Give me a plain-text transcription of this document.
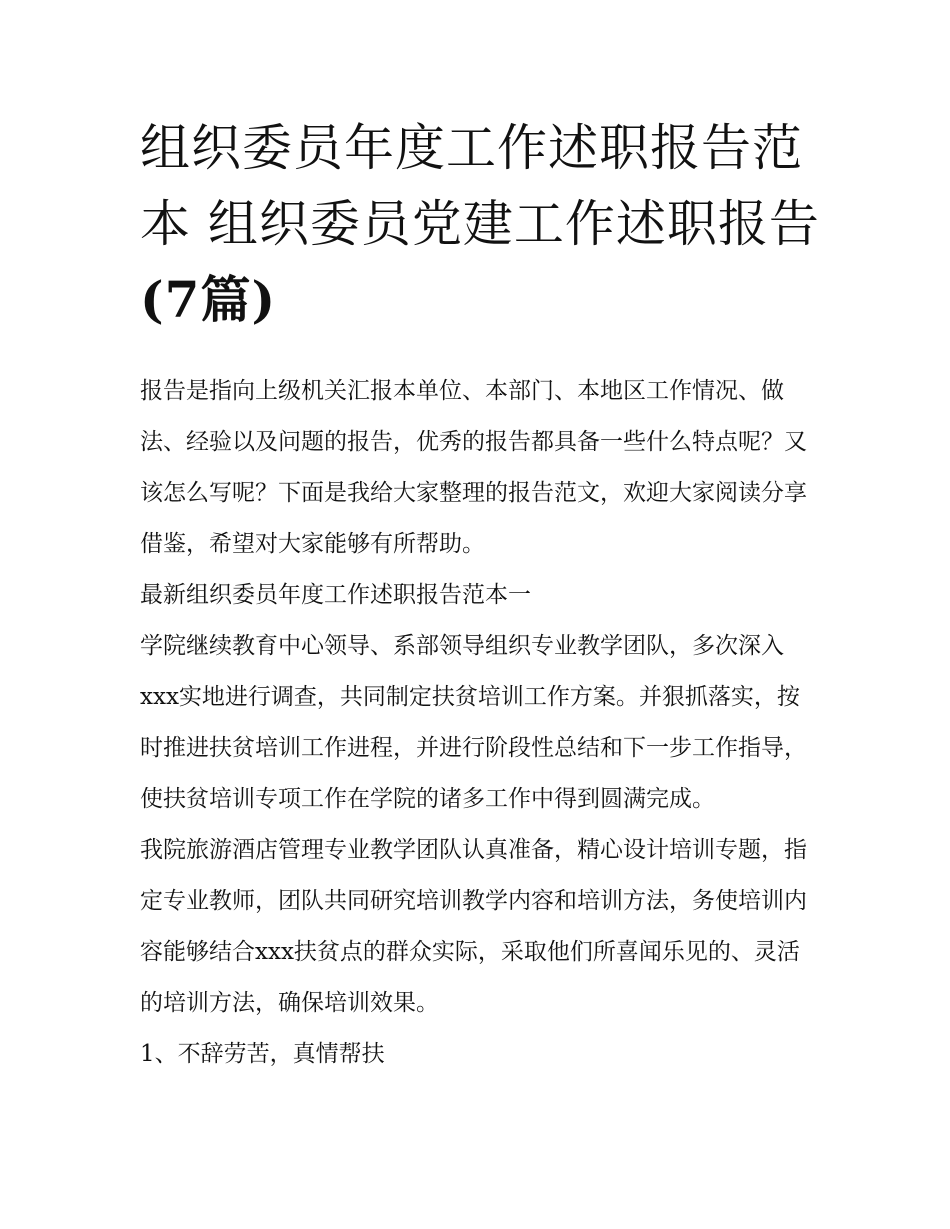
组织委员年度工作述职报告范
本 组织委员党建工作述职报告
(7篇)

报告是指向上级机关汇报本单位、本部门、本地区工作情况、做法、经验以及问题的报告，优秀的报告都具备一些什么特点呢？又该怎么写呢？下面是我给大家整理的报告范文，欢迎大家阅读分享借鉴，希望对大家能够有所帮助。

最新组织委员年度工作述职报告范本一

学院继续教育中心领导、系部领导组织专业教学团队，多次深入xxx实地进行调查，共同制定扶贫培训工作方案。并狠抓落实，按时推进扶贫培训工作进程，并进行阶段性总结和下一步工作指导，使扶贫培训专项工作在学院的诸多工作中得到圆满完成。

我院旅游酒店管理专业教学团队认真准备，精心设计培训专题，指定专业教师，团队共同研究培训教学内容和培训方法，务使培训内容能够结合xxx扶贫点的群众实际，采取他们所喜闻乐见的、灵活的培训方法，确保培训效果。

1、不辞劳苦，真情帮扶
